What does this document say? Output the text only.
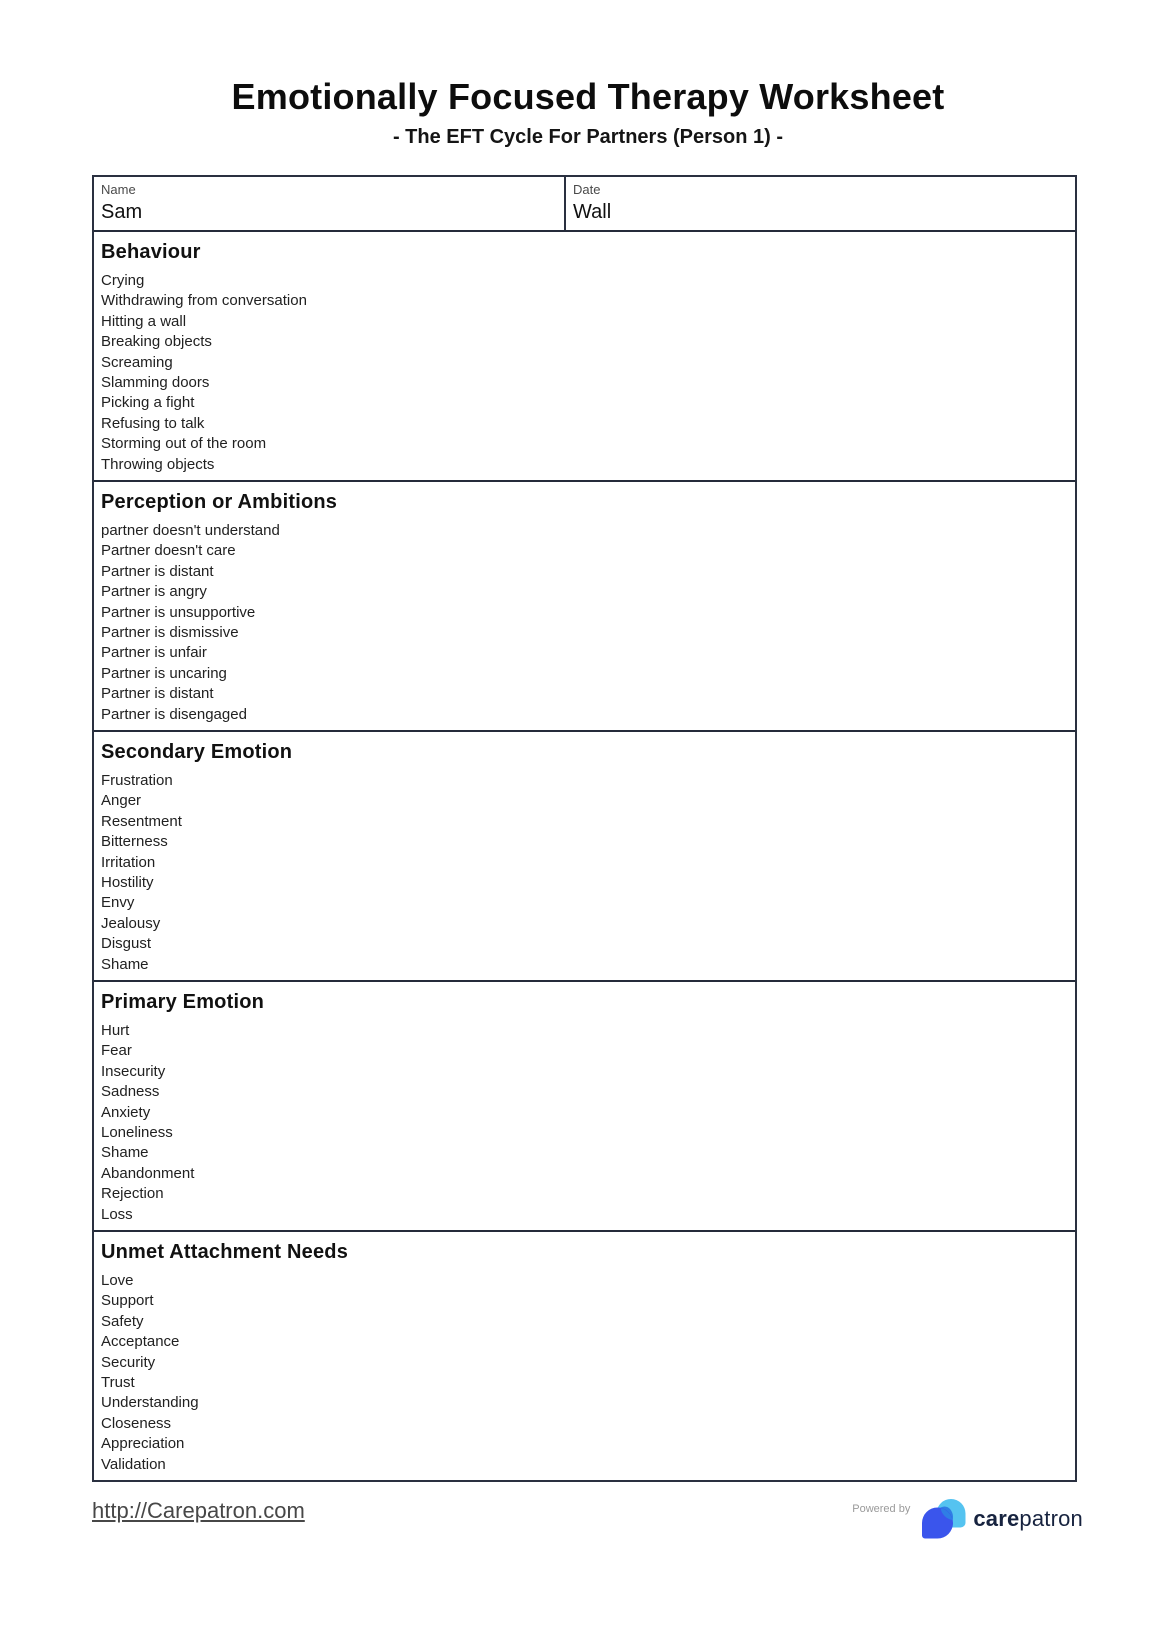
Emotionally Focused Therapy Worksheet
- The EFT Cycle For Partners (Person 1) -
Name
Sam
Date
Wall
Behaviour
Crying
Withdrawing from conversation
Hitting a wall
Breaking objects
Screaming
Slamming doors
Picking a fight
Refusing to talk
Storming out of the room
Throwing objects
Perception or Ambitions
partner doesn't understand
Partner doesn't care
Partner is distant
Partner is angry
Partner is unsupportive
Partner is dismissive
Partner is unfair
Partner is uncaring
Partner is distant
Partner is disengaged
Secondary Emotion
Frustration
Anger
Resentment
Bitterness
Irritation
Hostility
Envy
Jealousy
Disgust
Shame
Primary Emotion
Hurt
Fear
Insecurity
Sadness
Anxiety
Loneliness
Shame
Abandonment
Rejection
Loss
Unmet Attachment Needs
Love
Support
Safety
Acceptance
Security
Trust
Understanding
Closeness
Appreciation
Validation
http://Carepatron.com	Powered by	carepatron
